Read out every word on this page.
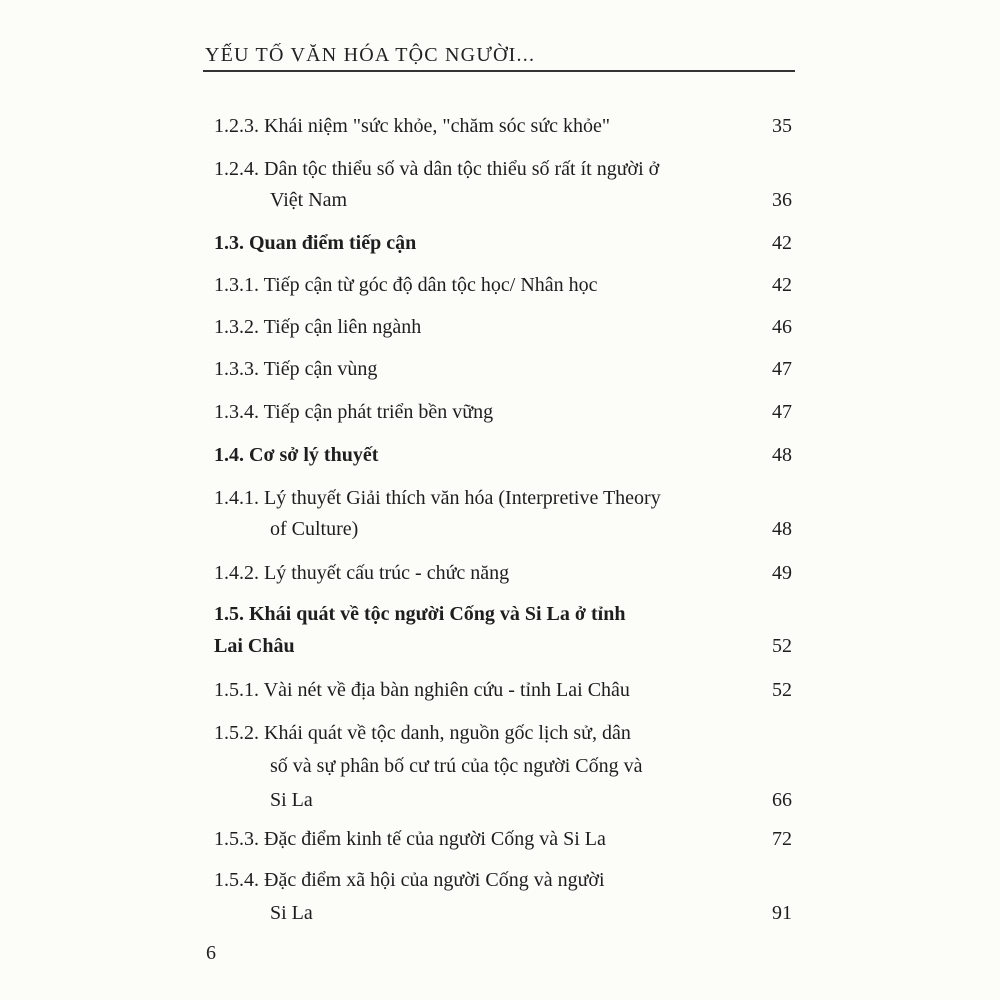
YẾU TỐ VĂN HÓA TỘC NGƯỜI...
1.2.3. Khái niệm "sức khỏe, "chăm sóc sức khỏe"	35
1.2.4. Dân tộc thiểu số và dân tộc thiểu số rất ít người ở
Việt Nam	36
1.3. Quan điểm tiếp cận	42
1.3.1. Tiếp cận từ góc độ dân tộc học/ Nhân học	42
1.3.2. Tiếp cận liên ngành	46
1.3.3. Tiếp cận vùng	47
1.3.4. Tiếp cận phát triển bền vững	47
1.4. Cơ sở lý thuyết	48
1.4.1. Lý thuyết Giải thích văn hóa (Interpretive Theory
of Culture)	48
1.4.2. Lý thuyết cấu trúc - chức năng	49
1.5. Khái quát về tộc người Cống và Si La ở tỉnh
Lai Châu	52
1.5.1. Vài nét về địa bàn nghiên cứu - tỉnh Lai Châu	52
1.5.2. Khái quát về tộc danh, nguồn gốc lịch sử, dân
số và sự phân bố cư trú của tộc người Cống và
Si La	66
1.5.3. Đặc điểm kinh tế của người Cống và Si La	72
1.5.4. Đặc điểm xã hội của người Cống và người
Si La	91
6
